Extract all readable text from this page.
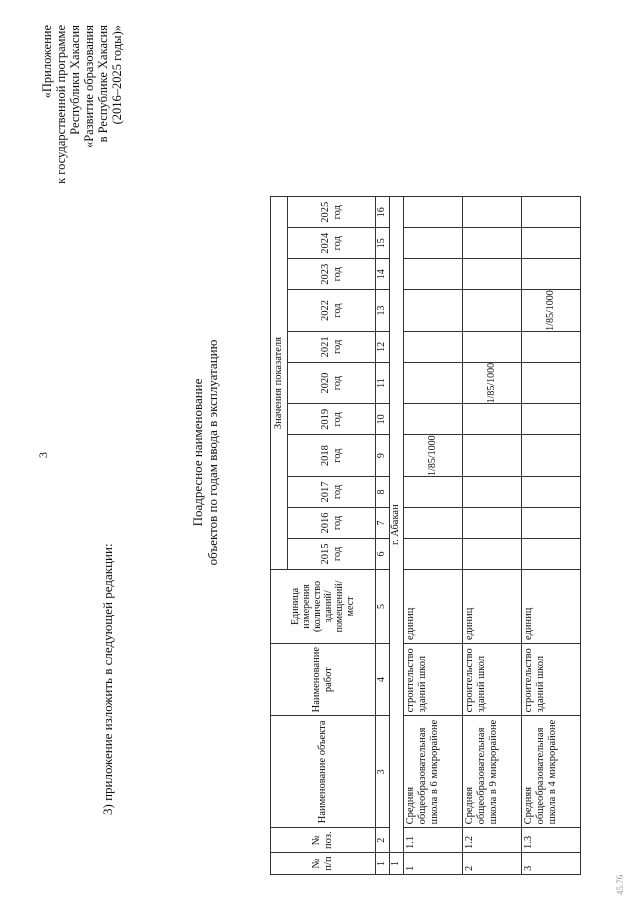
3
3) приложение изложить в следующей редакции:
«Приложение к государственной программе Республики Хакасия «Развитие образования в Республике Хакасия (2016–2025 годы)»
Поадресное наименование объектов по годам ввода в эксплуатацию
№ п/п	№ поз.	Наименование объекта	Наименование работ	Единица измерения (количество зданий/ помещений/ мест	Значения показателя										
					2015 год	2016 год	2017 год	2018 год	2019 год	2020 год	2021 год	2022 год	2023 год	2024 год	2025 год
1	2	3	4	5	6	7	8	9	10	11	12	13	14	15	16
1	г. Абакан														
1	1.1	Средняя общеобразовательная школа в 6 микрорайоне	строительство зданий школ	единиц				1/85/1000							
2	1.2	Средняя общеобразовательная школа в 9 микрорайоне	строительство зданий школ	единиц						1/85/1000					
3	1.3	Средняя общеобразовательная школа в 4 микрорайоне	строительство зданий школ	единиц								1/85/1000			
45.76
